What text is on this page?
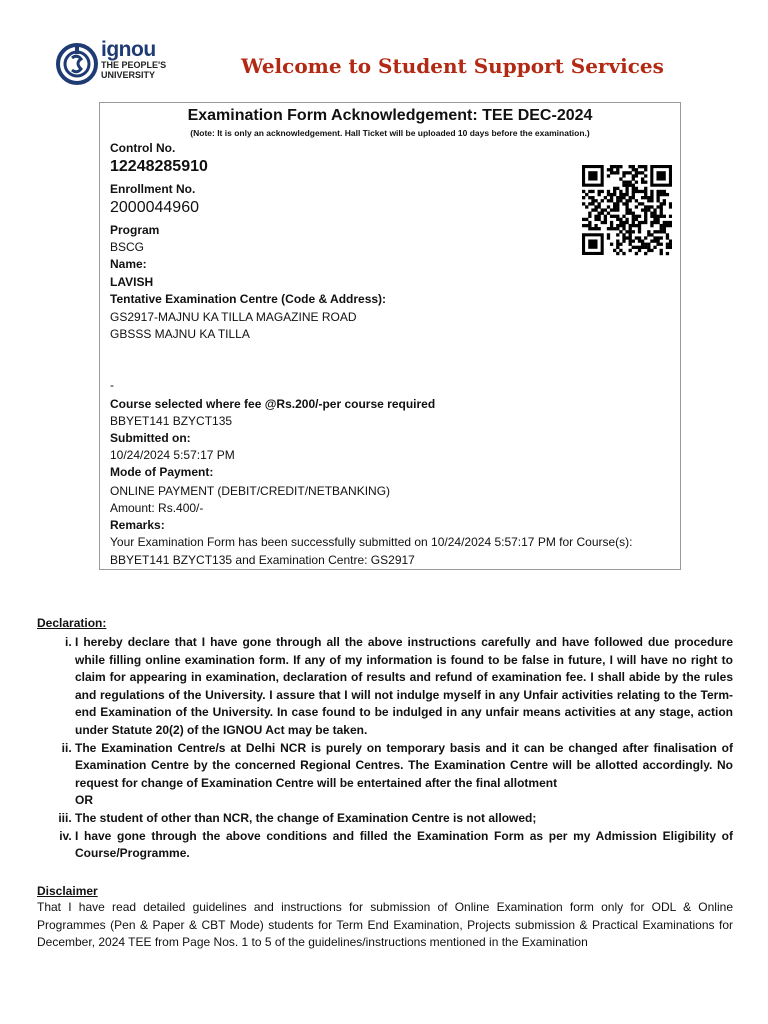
ignou
THE PEOPLE'S
UNIVERSITY	Welcome to Student Support Services
Examination Form Acknowledgement: TEE DEC-2024
(Note: It is only an acknowledgement. Hall Ticket will be uploaded 10 days before the examination.)
Control No.
12248285910
Enrollment No.
2000044960
Program
BSCG
Name:
LAVISH
Tentative Examination Centre (Code & Address):
GS2917-MAJNU KA TILLA MAGAZINE ROAD
GBSSS MAJNU KA TILLA
-
Course selected where fee @Rs.200/-per course required
BBYET141 BZYCT135
Submitted on:
10/24/2024 5:57:17 PM
Mode of Payment:
ONLINE PAYMENT (DEBIT/CREDIT/NETBANKING)
Amount: Rs.400/-
Remarks:
Your Examination Form has been successfully submitted on 10/24/2024 5:57:17 PM for Course(s):
BBYET141 BZYCT135 and Examination Centre: GS2917
Declaration:
i. I hereby declare that I have gone through all the above instructions carefully and have followed due procedure while filling online examination form. If any of my information is found to be false in future, I will have no right to claim for appearing in examination, declaration of results and refund of examination fee. I shall abide by the rules and regulations of the University. I assure that I will not indulge myself in any Unfair activities relating to the Term-end Examination of the University. In case found to be indulged in any unfair means activities at any stage, action under Statute 20(2) of the IGNOU Act may be taken.
ii. The Examination Centre/s at Delhi NCR is purely on temporary basis and it can be changed after finalisation of Examination Centre by the concerned Regional Centres. The Examination Centre will be allotted accordingly. No request for change of Examination Centre will be entertained after the final allotment
OR
iii. The student of other than NCR, the change of Examination Centre is not allowed;
iv. I have gone through the above conditions and filled the Examination Form as per my Admission Eligibility of Course/Programme.
Disclaimer
That I have read detailed guidelines and instructions for submission of Online Examination form only for ODL & Online Programmes (Pen & Paper & CBT Mode) students for Term End Examination, Projects submission & Practical Examinations for December, 2024 TEE from Page Nos. 1 to 5 of the guidelines/instructions mentioned in the Examination
